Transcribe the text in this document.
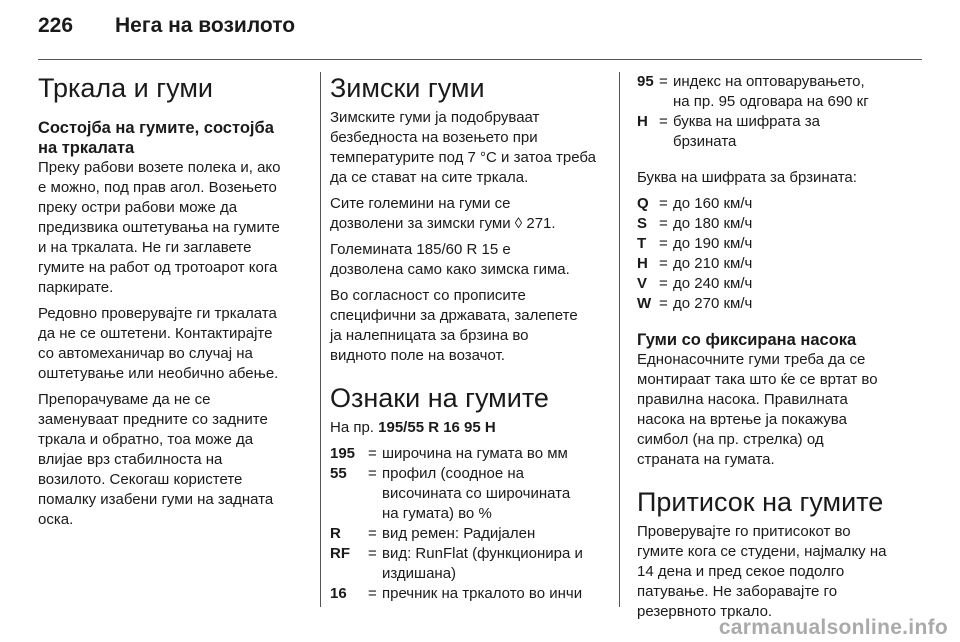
226 Нега на возилото
Тркала и гуми
Состојба на гумите, состојба
на тркалата

Преку рабови возете полека и, ако
е можно, под прав агол. Возењето
преку остри рабови може да
предизвика оштетувања на гумите
и на тркалата. Не ги заглавете
гумите на работ од тротоарот кога
паркирате.

Редовно проверувајте ги тркалата
да не се оштетени. Контактирајте
со автомеханичар во случај на
оштетување или необично абење.

Препорачуваме да не се
заменуваат предните со задните
тркала и обратно, тоа може да
влијае врз стабилноста на
возилото. Секогаш користете
помалку изабени гуми на задната
оска.

Зимски гуми

Зимските гуми ја подобруваат
безбедноста на возењето при
температурите под 7 °C и затоа треба
да се стават на сите тркала.

Сите големини на гуми се
дозволени за зимски гуми ◊ 271.

Големината 185/60 R 15 е
дозволена само како зимска гима.

Во согласност со прописите
специфични за државата, залепете
ја налепницата за брзина во
видното поле на возачот.

Ознаки на гумите

На пр. 195/55 R 16 95 H

195 = широчина на гумата во мм
55	= профил (соодное на
височината со широчината
на гумата) во %
R	= вид ремен: Радијален
RF	= вид: RunFlat (функционира и
издишана)
16	= пречник на тркалото во инчи
95 = индекс на оптоварувањето,
на пр. 95 одговара на 690 кг
H = буква на шифрата за
брзината

Буква на шифрата за брзината:

Q = до 160 км/ч
S = до 180 км/ч
T = до 190 км/ч
H = до 210 км/ч
V = до 240 км/ч
W = до 270 км/ч
Гуми со фиксирана насока

Еднонасочните гуми треба да се
монтираат така што ќе се вртат во
правилна насока. Правилната
насока на вртење ја покажува
симбол (на пр. стрелка) од
страната на гумата.

Притисок на гумите

Проверувајте го притисокот во
гумите кога се студени, најмалку на
14 дена и пред секое подолго
патување. Не заборавајте го
резервното тркало.

carmanualsonline.info
